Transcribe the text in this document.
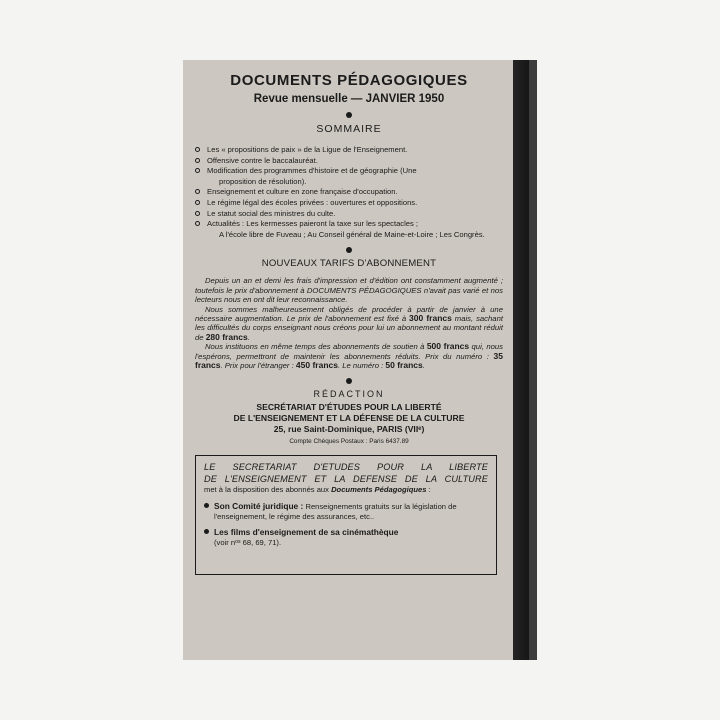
DOCUMENTS PÉDAGOGIQUES

Revue mensuelle — JANVIER 1950

SOMMAIRE
Les « propositions de paix » de la Ligue de l'Enseignement.
Offensive contre le baccalauréat.
Modification des programmes d'histoire et de géographie (Une
proposition de résolution).
Enseignement et culture en zone française d'occupation.
Le régime légal des écoles privées : ouvertures et oppositions.
Le statut social des ministres du culte.
Actualités : Les kermesses paieront la taxe sur les spectacles ;
A l'école libre de Fuveau ; Au Conseil général de Maine-et-Loire ; Les Congrès.
NOUVEAUX TARIFS D'ABONNEMENT

Depuis un an et demi les frais d'impression et d'édition ont constamment augmenté ; toutefois le prix d'abonnement à DOCUMENTS PÉDAGOGIQUES n'avait pas varié et nos lecteurs nous en ont dit leur reconnaissance.

Nous sommes malheureusement obligés de procéder à partir de janvier à une nécessaire augmentation. Le prix de l'abonnement est fixé à 300 francs mais, sachant les difficultés du corps enseignant nous créons pour lui un abonnement au montant réduit de 280 francs.

Nous instituons en même temps des abonnements de soutien à 500 francs qui, nous l'espérons, permettront de maintenir les abonnements réduits. Prix du numéro : 35 francs. Prix pour l'étranger : 450 francs. Le numéro : 50 francs.

RÉDACTION

SECRÉTARIAT D'ÉTUDES POUR LA LIBERTÉ

DE L'ENSEIGNEMENT ET LA DÉFENSE DE LA CULTURE

25, rue Saint-Dominique, PARIS (VIIᵉ)

Compte Chèques Postaux : Paris 6437.89

LE SECRETARIAT D'ETUDES POUR LA LIBERTE

DE L'ENSEIGNEMENT ET LA DEFENSE DE LA CULTURE

met à la disposition des abonnés aux Documents Pédagogiques :

Son Comité juridique : Renseignements gratuits sur la législation de l'enseignement, le régime des assurances, etc..
Les films d'enseignement de sa cinémathèque
(voir nᵒˢ 68, 69, 71).
